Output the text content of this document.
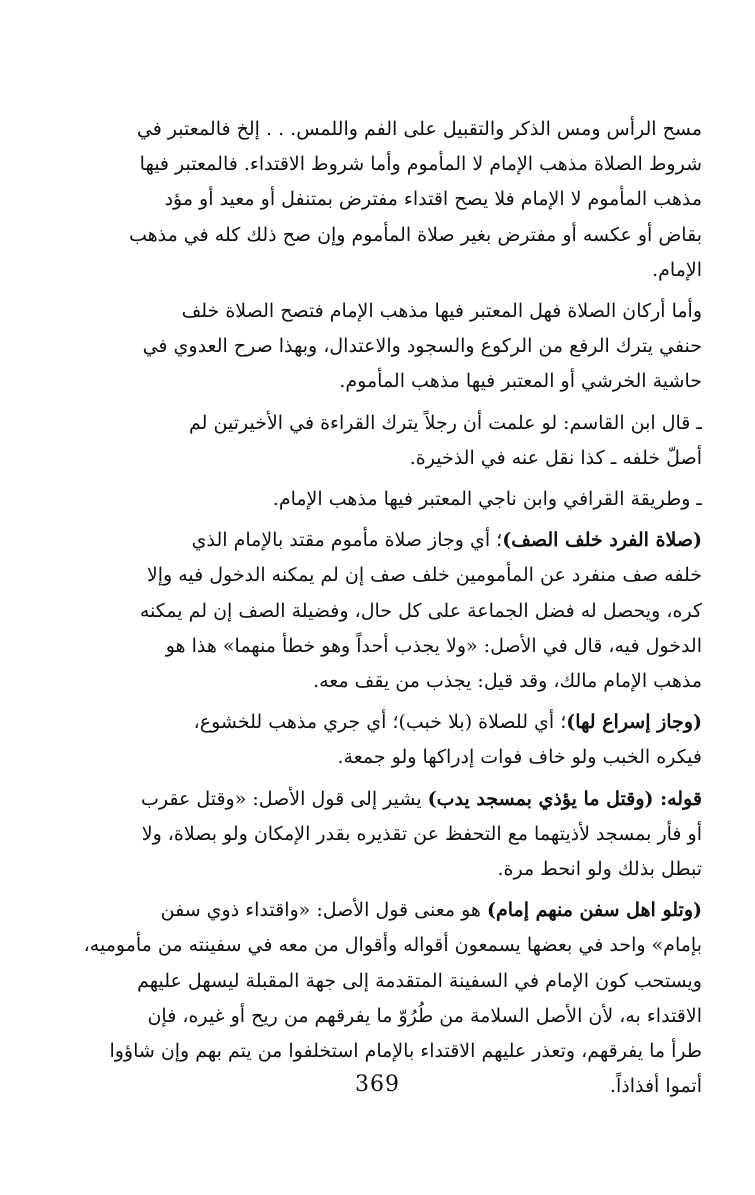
مسح الرأس ومس الذكر والتقبيل على الفم واللمس. . . إلخ فالمعتبر في
شروط الصلاة مذهب الإمام لا المأموم وأما شروط الاقتداء. فالمعتبر فيها
مذهب المأموم لا الإمام فلا يصح اقتداء مفترض بمتنفل أو معيد أو مؤد
بقاض أو عكسه أو مفترض بغير صلاة المأموم وإن صح ذلك كله في مذهب
الإمام.
وأما أركان الصلاة فهل المعتبر فيها مذهب الإمام فتصح الصلاة خلف
حنفي يترك الرفع من الركوع والسجود والاعتدال، وبهذا صرح العدوي في
حاشية الخرشي أو المعتبر فيها مذهب المأموم.
ـ قال ابن القاسم: لو علمت أن رجلاً يترك القراءة في الأخيرتين لم
أصلّ خلفه ـ كذا نقل عنه في الذخيرة.
ـ وطريقة القرافي وابن ناجي المعتبر فيها مذهب الإمام.
(صلاة الفرد خلف الصف)؛ أي وجاز صلاة مأموم مقتد بالإمام الذي
خلفه صف منفرد عن المأمومين خلف صف إن لم يمكنه الدخول فيه وإلا
كره، ويحصل له فضل الجماعة على كل حال، وفضيلة الصف إن لم يمكنه
الدخول فيه، قال في الأصل: «ولا يجذب أحداً وهو خطأ منهما» هذا هو
مذهب الإمام مالك، وقد قيل: يجذب من يقف معه.
(وجاز إسراع لها)؛ أي للصلاة (بلا خبب)؛ أي جري مذهب للخشوع،
فيكره الخبب ولو خاف فوات إدراكها ولو جمعة.
قوله: (وقتل ما يؤذي بمسجد يدب) يشير إلى قول الأصل: «وقتل عقرب
أو فأر بمسجد لأذيتهما مع التحفظ عن تقذيره بقدر الإمكان ولو بصلاة، ولا
تبطل بذلك ولو انحط مرة.
(وتلو اهل سفن منهم إمام) هو معنى قول الأصل: «واقتداء ذوي سفن
بإمام» واحد في بعضها يسمعون أقواله وأقوال من معه في سفينته من مأموميه،
ويستحب كون الإمام في السفينة المتقدمة إلى جهة المقبلة ليسهل عليهم
الاقتداء به، لأن الأصل السلامة من طُرُوّ ما يفرقهم من ريح أو غيره، فإن
طرأ ما يفرقهم، وتعذر عليهم الاقتداء بالإمام استخلفوا من يتم بهم وإن شاؤوا
أتموا أفذاذاً.
369
